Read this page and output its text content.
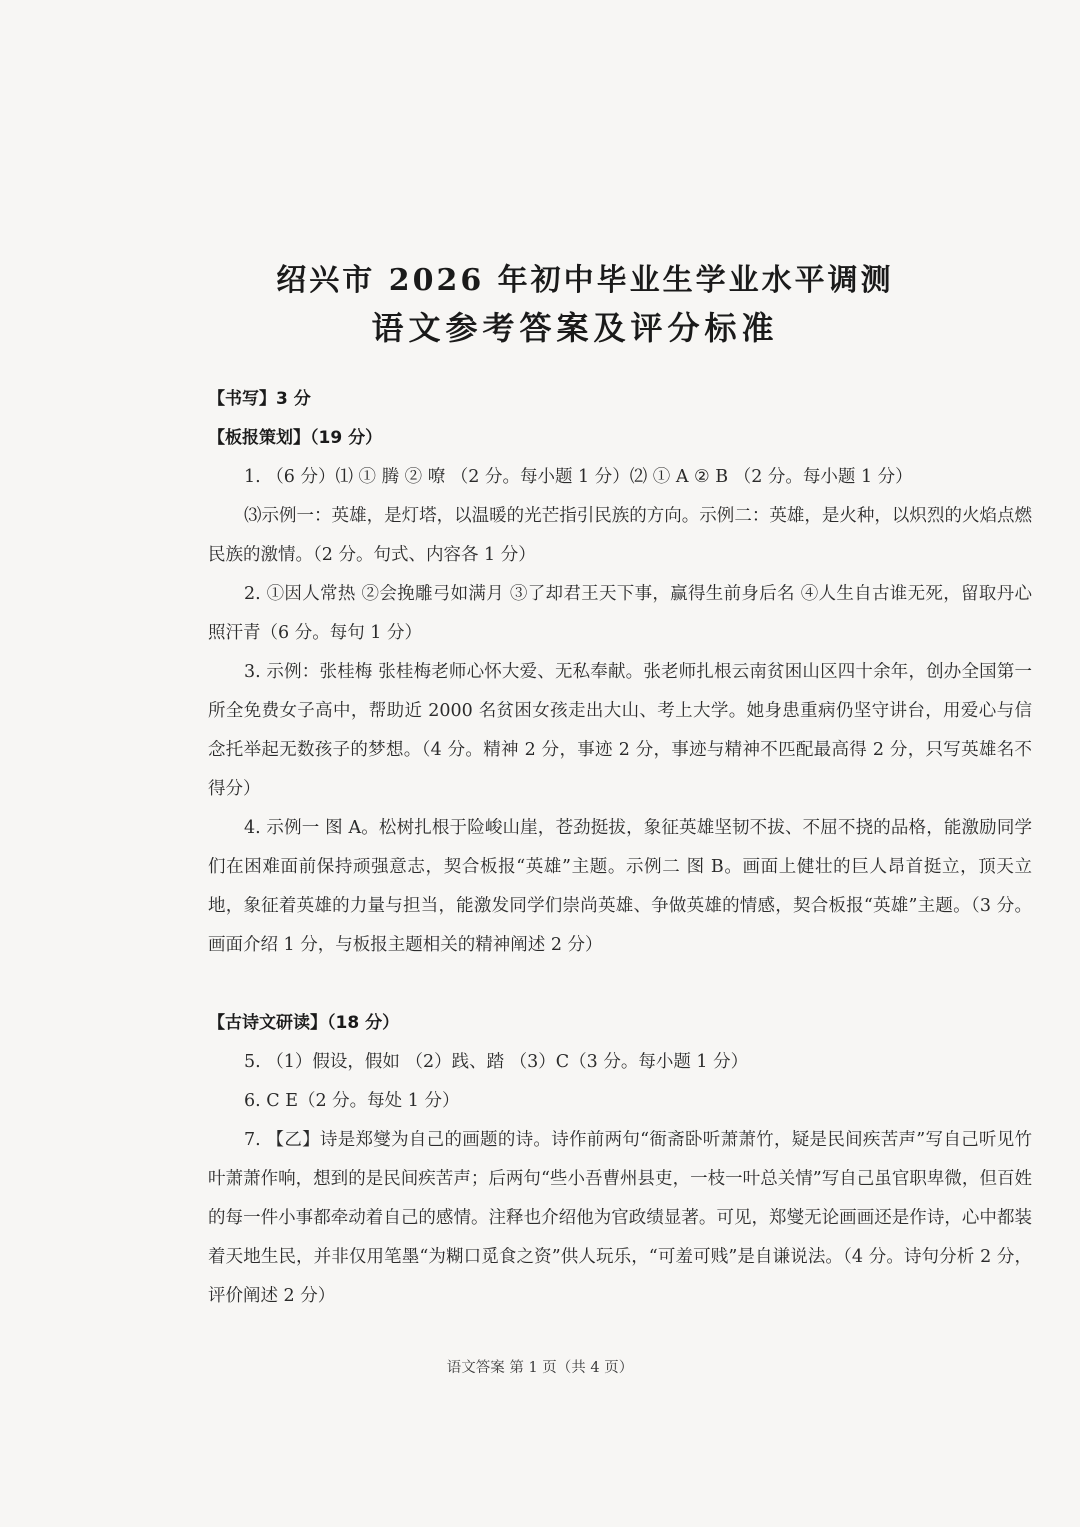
绍兴市 2026 年初中毕业生学业水平调测
语文参考答案及评分标准
【书写】3 分
【板报策划】（19 分）

1. （6 分）⑴ ① 腾 ② 嘹 （2 分。每小题 1 分）⑵ ① A ② B （2 分。每小题 1 分）

⑶示例一：英雄，是灯塔，以温暖的光芒指引民族的方向。示例二：英雄，是火种，以炽烈的火焰点燃民族的激情。（2 分。句式、内容各 1 分）

2. ①因人常热 ②会挽雕弓如满月 ③了却君王天下事，赢得生前身后名 ④人生自古谁无死，留取丹心照汗青（6 分。每句 1 分）

3. 示例：张桂梅 张桂梅老师心怀大爱、无私奉献。张老师扎根云南贫困山区四十余年，创办全国第一所全免费女子高中，帮助近 2000 名贫困女孩走出大山、考上大学。她身患重病仍坚守讲台，用爱心与信念托举起无数孩子的梦想。（4 分。精神 2 分，事迹 2 分，事迹与精神不匹配最高得 2 分，只写英雄名不得分）

4. 示例一 图 A。松树扎根于险峻山崖，苍劲挺拔，象征英雄坚韧不拔、不屈不挠的品格，能激励同学们在困难面前保持顽强意志，契合板报“英雄”主题。示例二 图 B。画面上健壮的巨人昂首挺立，顶天立地，象征着英雄的力量与担当，能激发同学们崇尚英雄、争做英雄的情感，契合板报“英雄”主题。（3 分。画面介绍 1 分，与板报主题相关的精神阐述 2 分）

【古诗文研读】（18 分）

5. （1）假设，假如 （2）践、踏 （3）C（3 分。每小题 1 分）

6. C E（2 分。每处 1 分）

7. 【乙】诗是郑燮为自己的画题的诗。诗作前两句“衙斋卧听萧萧竹，疑是民间疾苦声”写自己听见竹叶萧萧作响，想到的是民间疾苦声；后两句“些小吾曹州县吏，一枝一叶总关情”写自己虽官职卑微，但百姓的每一件小事都牵动着自己的感情。注释也介绍他为官政绩显著。可见，郑燮无论画画还是作诗，心中都装着天地生民，并非仅用笔墨“为糊口觅食之资”供人玩乐，“可羞可贱”是自谦说法。（4 分。诗句分析 2 分，评价阐述 2 分）

语文答案 第 1 页（共 4 页）
